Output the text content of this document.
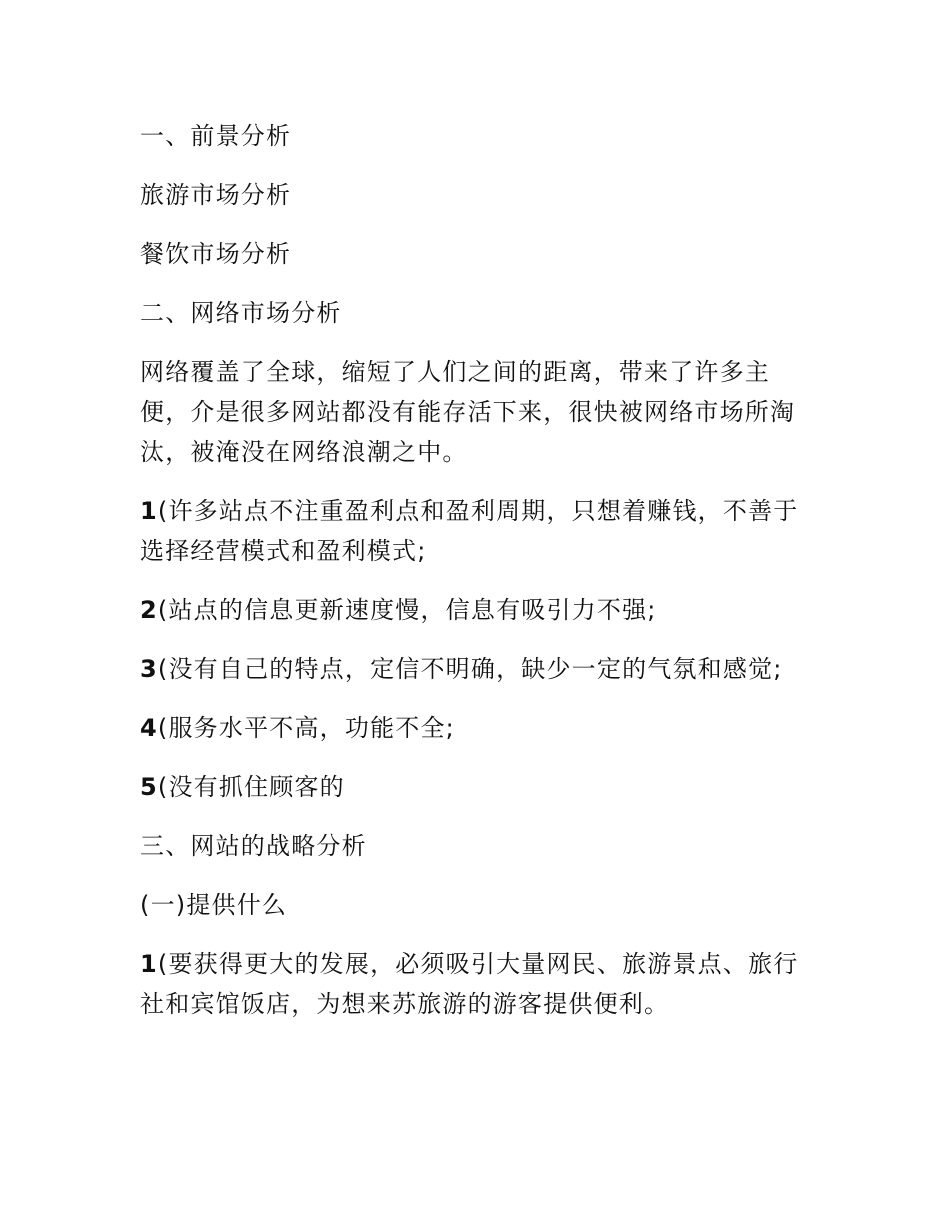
一、前景分析

旅游市场分析

餐饮市场分析

二、网络市场分析

网络覆盖了全球，缩短了人们之间的距离，带来了许多主便，介是很多网站都没有能存活下来，很快被网络市场所淘汰，被淹没在网络浪潮之中。

1(许多站点不注重盈利点和盈利周期，只想着赚钱，不善于选择经营模式和盈利模式;

2(站点的信息更新速度慢，信息有吸引力不强;

3(没有自己的特点，定信不明确，缺少一定的气氛和感觉;

4(服务水平不高，功能不全;

5(没有抓住顾客的

三、网站的战略分析

(一)提供什么

1(要获得更大的发展，必须吸引大量网民、旅游景点、旅行社和宾馆饭店，为想来苏旅游的游客提供便利。
